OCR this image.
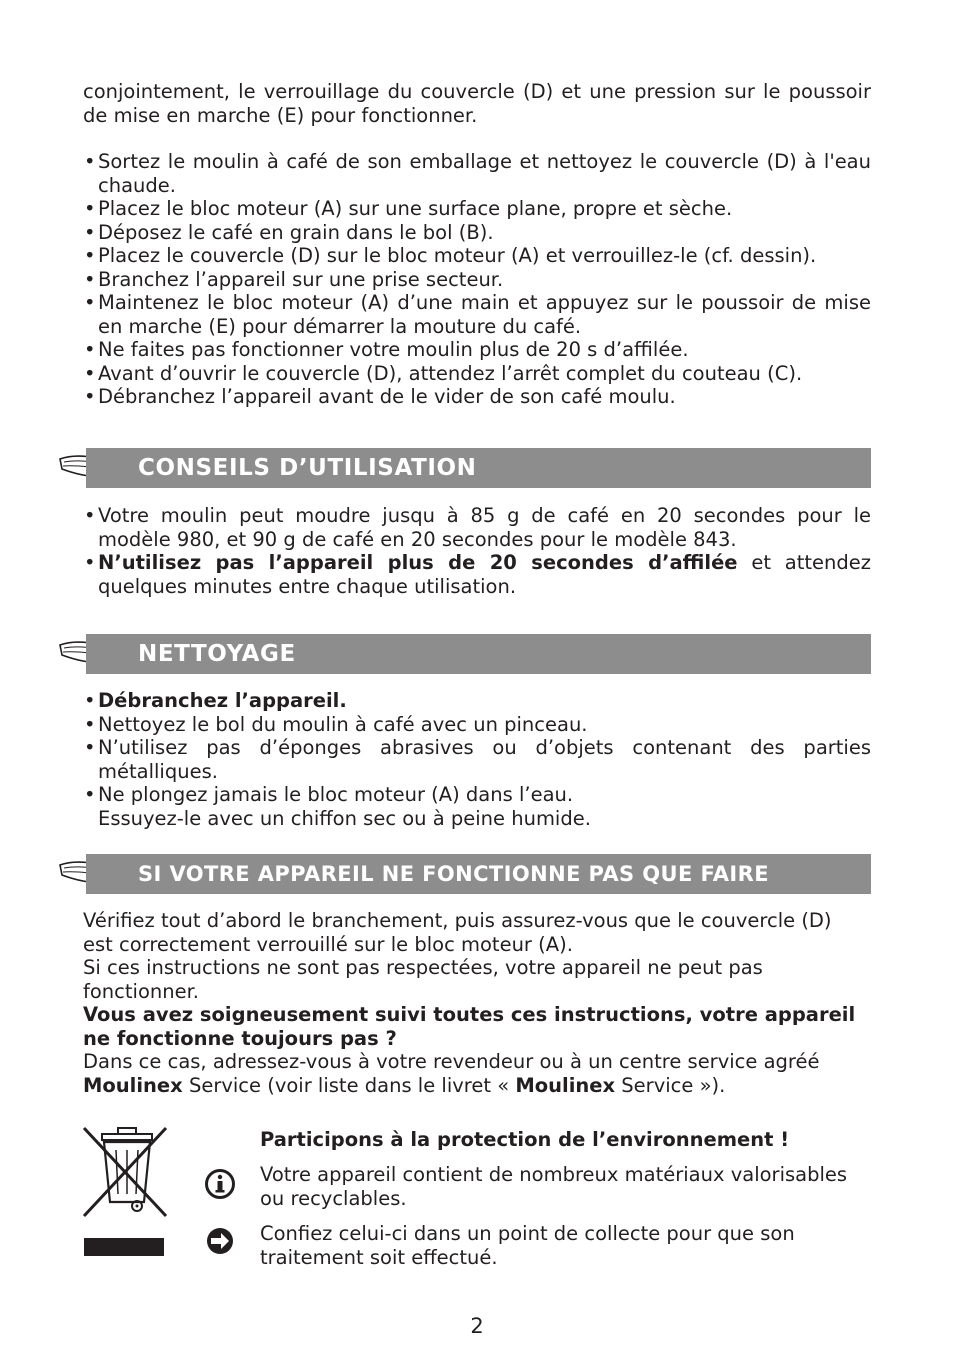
conjointement, le verrouillage du couvercle (D) et une pression sur le poussoir de mise en marche (E) pour fonctionner.
• Sortez le moulin à café de son emballage et nettoyez le couvercle (D) à l'eau chaude.
• Placez le bloc moteur (A) sur une surface plane, propre et sèche.
• Déposez le café en grain dans le bol (B).
• Placez le couvercle (D) sur le bloc moteur (A) et verrouillez-le (cf. dessin).
• Branchez l’appareil sur une prise secteur.
• Maintenez le bloc moteur (A) d’une main et appuyez sur le poussoir de mise en marche (E) pour démarrer la mouture du café.
• Ne faites pas fonctionner votre moulin plus de 20 s d’affilée.
• Avant d’ouvrir le couvercle (D), attendez l’arrêt complet du couteau (C).
• Débranchez l’appareil avant de le vider de son café moulu.
CONSEILS D’UTILISATION
• Votre moulin peut moudre jusqu à 85 g de café en 20 secondes pour le modèle 980, et 90 g de café en 20 secondes pour le modèle 843.
• N’utilisez pas l’appareil plus de 20 secondes d’affilée et attendez quelques minutes entre chaque utilisation.
NETTOYAGE
• Débranchez l’appareil.
• Nettoyez le bol du moulin à café avec un pinceau.
• N’utilisez pas d’éponges abrasives ou d’objets contenant des parties métalliques.
• Ne plongez jamais le bloc moteur (A) dans l’eau.
Essuyez-le avec un chiffon sec ou à peine humide.
SI VOTRE APPAREIL NE FONCTIONNE PAS QUE FAIRE
Vérifiez tout d’abord le branchement, puis assurez-vous que le couvercle (D) est correctement verrouillé sur le bloc moteur (A).
Si ces instructions ne sont pas respectées, votre appareil ne peut pas fonctionner.
Vous avez soigneusement suivi toutes ces instructions, votre appareil ne fonctionne toujours pas ?
Dans ce cas, adressez-vous à votre revendeur ou à un centre service agréé Moulinex Service (voir liste dans le livret « Moulinex Service »).
Participons à la protection de l’environnement !
Votre appareil contient de nombreux matériaux valorisables ou recyclables.
Confiez celui-ci dans un point de collecte pour que son traitement soit effectué.
2
